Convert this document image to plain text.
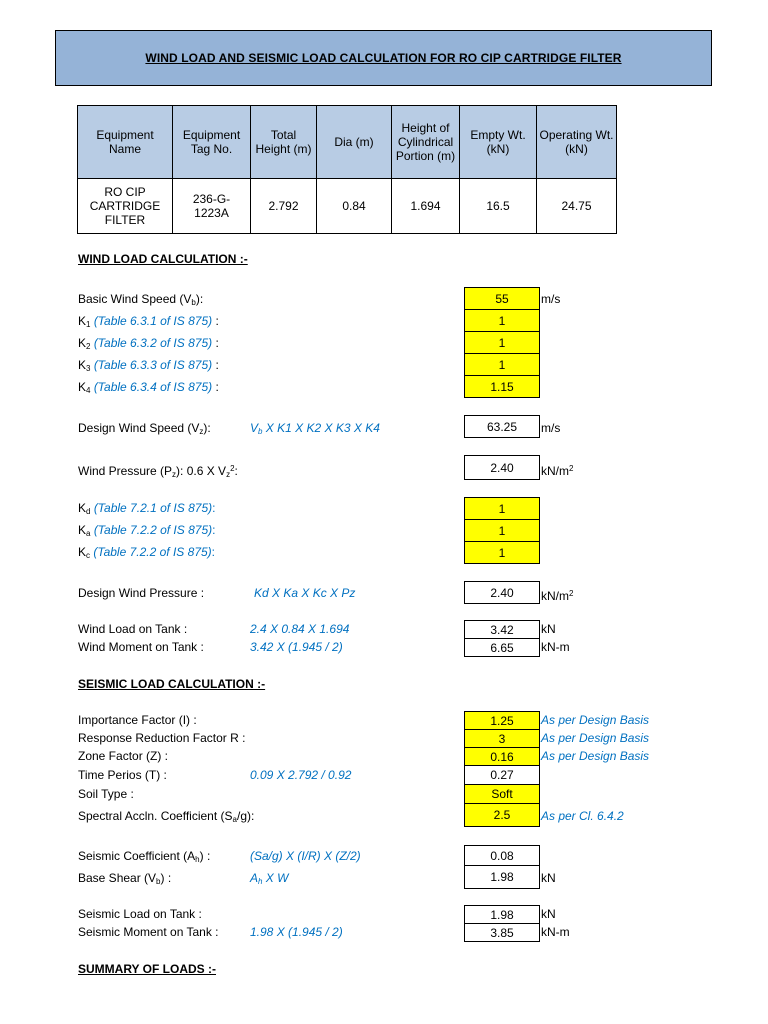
WIND LOAD AND SEISMIC LOAD CALCULATION FOR RO CIP CARTRIDGE FILTER
Equipment Name	Equipment Tag No.	Total Height (m)	Dia (m)	Height of Cylindrical Portion (m)	Empty Wt. (kN)	Operating Wt. (kN)
RO CIP CARTRIDGE FILTER	236-G-1223A	2.792	0.84	1.694	16.5	24.75
WIND LOAD CALCULATION :-
Basic Wind Speed $(V_b)$:	55	m/s
$K_1$ (Table 6.3.1 of IS 875) :	1
$K_2$ (Table 6.3.2 of IS 875) :	1
$K_3$ (Table 6.3.3 of IS 875) :	1
$K_4$ (Table 6.3.4 of IS 875) :	1.15
Design Wind Speed $(V_z)$:	$V_b$ X K1 X K2 X K3 X K4	63.25	m/s
Wind Pressure $(P_z)$: 0.6 X $V_z^2$:	2.40	$kN/m^2$
$K_d$ (Table 7.2.1 of IS 875):	1
$K_a$ (Table 7.2.2 of IS 875):	1
$K_c$ (Table 7.2.2 of IS 875):	1
Design Wind Pressure :	Kd X Ka X Kc X Pz	2.40	$kN/m^2$
Wind Load on Tank :	2.4 X 0.84 X 1.694	3.42	kN
Wind Moment on Tank :	3.42 X (1.945 / 2)	6.65	kN-m
SEISMIC LOAD CALCULATION :-
Importance Factor (I) :	1.25	As per Design Basis
Response Reduction Factor R :	3	As per Design Basis
Zone Factor (Z) :	0.16	As per Design Basis
Time Perios (T) :	0.09 X 2.792 / 0.92	0.27
Soil Type :	Soft
Spectral Accln. Coefficient $(S_a/g)$:	2.5	As per Cl. 6.4.2
Seismic Coefficient $(A_h)$ :	(Sa/g) X (I/R) X (Z/2)	0.08
Base Shear $(V_b)$ :	$A_h$ X W	1.98	kN
Seismic Load on Tank :	1.98	kN
Seismic Moment on Tank :	1.98 X (1.945 / 2)	3.85	kN-m
SUMMARY OF LOADS :-
